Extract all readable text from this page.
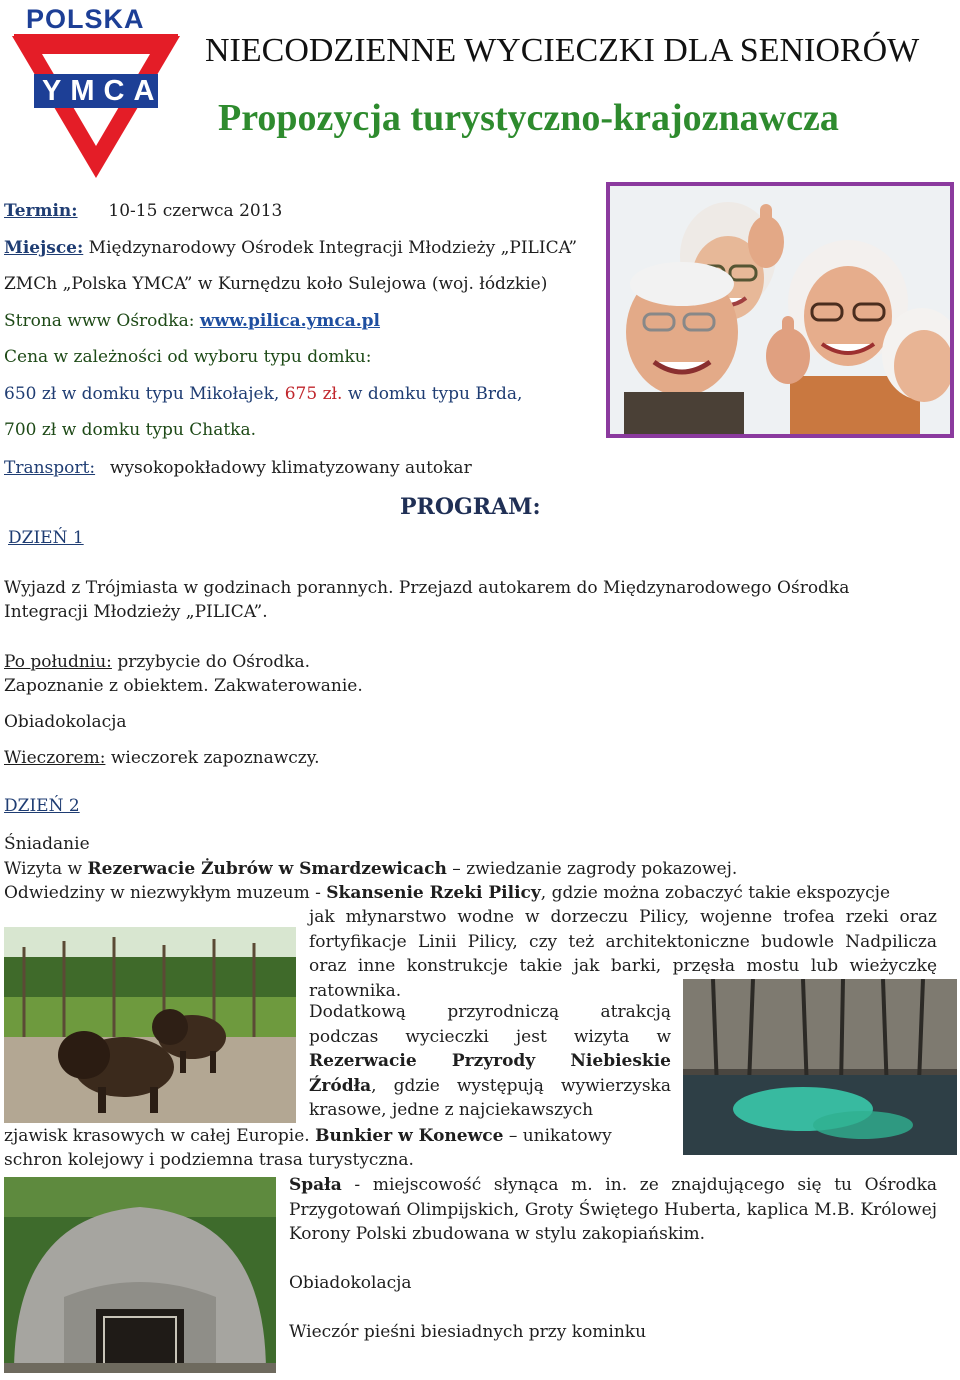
POLSKA
YMCA
NIECODZIENNE WYCIECZKI DLA SENIORÓW
Propozycja turystyczno-krajoznawcza
Termin: 10-15 czerwca 2013
Miejsce: Międzynarodowy Ośrodek Integracji Młodzieży „PILICA”
ZMCh „Polska YMCA” w Kurnędzu koło Sulejowa (woj. łódzkie)
Strona www Ośrodka: www.pilica.ymca.pl
Cena w zależności od wyboru typu domku:
650 zł w domku typu Mikołajek, 675 zł. w domku typu Brda,
700 zł w domku typu Chatka.
Transport: wysokopokładowy klimatyzowany autokar
PROGRAM:
DZIEŃ 1
Wyjazd z Trójmiasta w godzinach porannych. Przejazd autokarem do Międzynarodowego Ośrodka Integracji Młodzieży „PILICA”.
Po południu: przybycie do Ośrodka.
Zapoznanie z obiektem. Zakwaterowanie.
Obiadokolacja
Wieczorem: wieczorek zapoznawczy.
DZIEŃ 2
Śniadanie
Wizyta w Rezerwacie Żubrów w Smardzewicach – zwiedzanie zagrody pokazowej.
Odwiedziny w niezwykłym muzeum - Skansenie Rzeki Pilicy, gdzie można zobaczyć takie ekspozycje
jak młynarstwo wodne w dorzeczu Pilicy, wojenne trofea rzeki oraz fortyfikacje Linii Pilicy, czy też architektoniczne budowle Nadpilicza oraz inne konstrukcje takie jak barki, przęsła mostu lub wieżyczkę ratownika.
Dodatkową przyrodniczą atrakcją podczas wycieczki jest wizyta w Rezerwacie Przyrody Niebieskie Źródła, gdzie występują wywierzyska krasowe, jedne z najciekawszych
zjawisk krasowych w całej Europie. Bunkier w Konewce – unikatowy
schron kolejowy i podziemna trasa turystyczna.
Spała - miejscowość słynąca m. in. ze znajdującego się tu Ośrodka Przygotowań Olimpijskich, Groty Świętego Huberta, kaplica M.B. Królowej Korony Polski zbudowana w stylu zakopiańskim.
Obiadokolacja
Wieczór pieśni biesiadnych przy kominku
